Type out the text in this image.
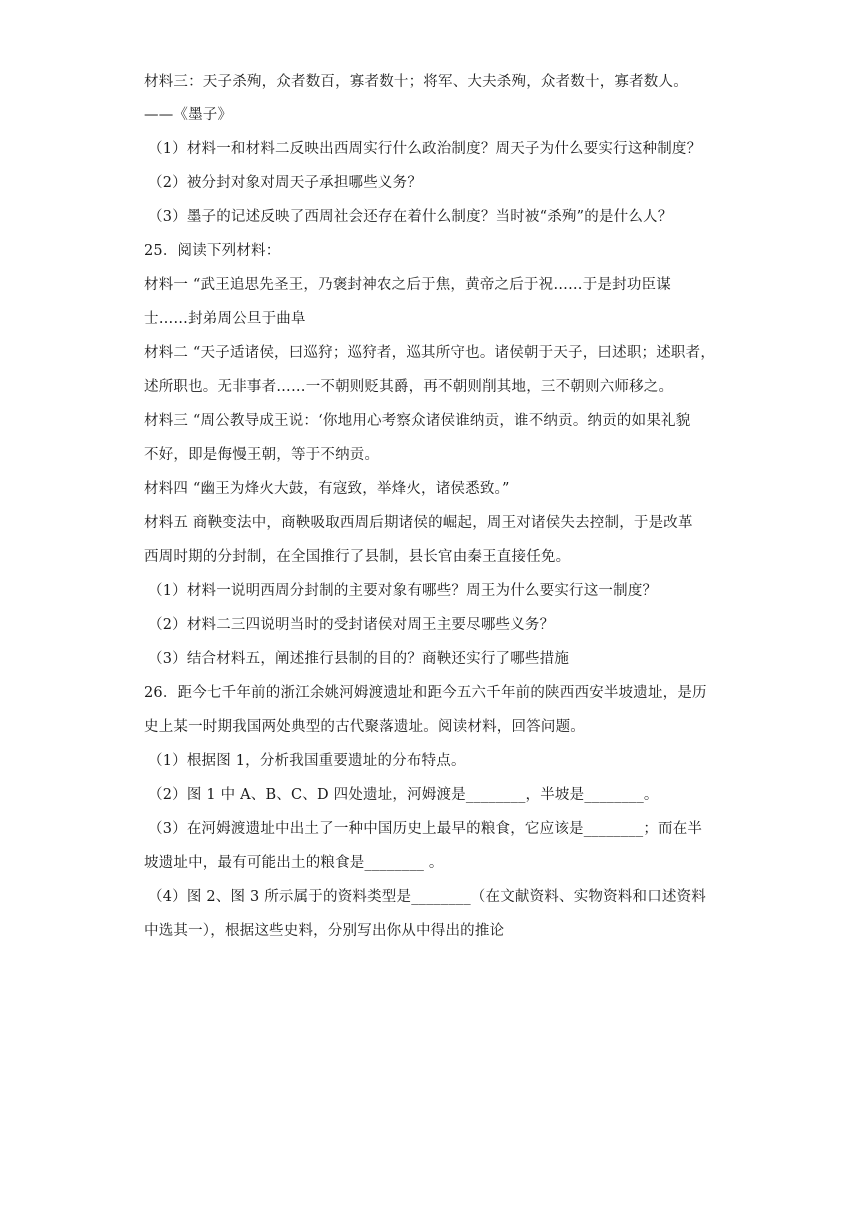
材料三：天子杀殉，众者数百，寡者数十；将军、大夫杀殉，众者数十，寡者数人。
——《墨子》
（1）材料一和材料二反映出西周实行什么政治制度？周天子为什么要实行这种制度？
（2）被分封对象对周天子承担哪些义务？
（3）墨子的记述反映了西周社会还存在着什么制度？当时被“杀殉”的是什么人？
25．阅读下列材料：
材料一 “武王追思先圣王，乃褒封神农之后于焦，黄帝之后于祝……于是封功臣谋
士……封弟周公旦于曲阜
材料二 “天子适诸侯，曰巡狩；巡狩者，巡其所守也。诸侯朝于天子，曰述职；述职者，
述所职也。无非事者……一不朝则贬其爵，再不朝则削其地，三不朝则六师移之。
材料三 “周公教导成王说：‘你地用心考察众诸侯谁纳贡，谁不纳贡。纳贡的如果礼貌
不好，即是侮慢王朝，等于不纳贡。
材料四 “幽王为烽火大鼓，有寇致，举烽火，诸侯悉致。”
材料五 商鞅变法中，商鞅吸取西周后期诸侯的崛起，周王对诸侯失去控制，于是改革
西周时期的分封制，在全国推行了县制，县长官由秦王直接任免。
（1）材料一说明西周分封制的主要对象有哪些？周王为什么要实行这一制度？
（2）材料二三四说明当时的受封诸侯对周王主要尽哪些义务？
（3）结合材料五，阐述推行县制的目的？商鞅还实行了哪些措施
26．距今七千年前的浙江余姚河姆渡遗址和距今五六千年前的陕西西安半坡遗址，是历
史上某一时期我国两处典型的古代聚落遗址。阅读材料，回答问题。
（1）根据图 1，分析我国重要遗址的分布特点。
（2）图 1 中 A、B、C、D 四处遗址，河姆渡是________，半坡是________。
（3）在河姆渡遗址中出土了一种中国历史上最早的粮食，它应该是________；而在半
坡遗址中，最有可能出土的粮食是________ 。
（4）图 2、图 3 所示属于的资料类型是________（在文献资料、实物资料和口述资料
中选其一），根据这些史料，分别写出你从中得出的推论
